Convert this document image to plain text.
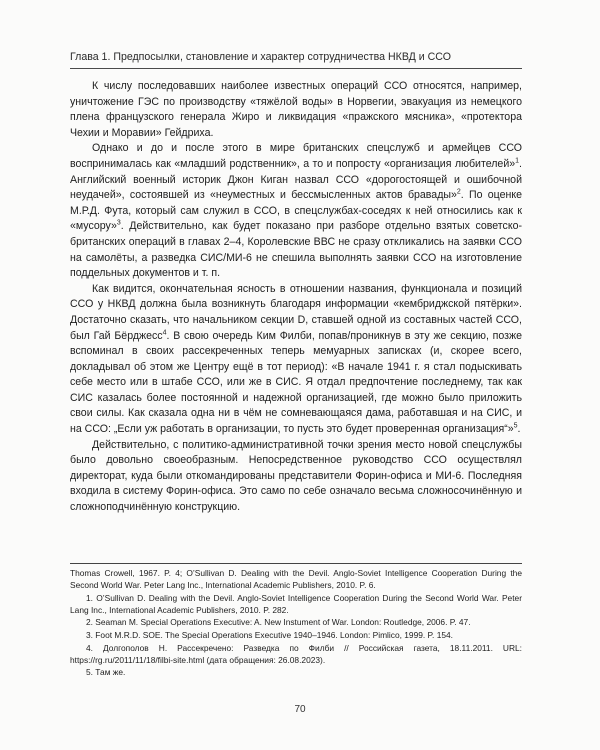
Глава 1. Предпосылки, становление и характер сотрудничества НКВД и ССО

К числу последовавших наиболее известных операций ССО относятся, например, уничтожение ГЭС по производству «тяжёлой воды» в Норвегии, эвакуация из немецкого плена французского генерала Жиро и ликвидация «пражского мясника», «протектора Чехии и Моравии» Гейдриха.

Однако и до и после этого в мире британских спецслужб и армейцев ССО воспринималась как «младший родственник», а то и попросту «организация любителей»$^1$. Английский военный историк Джон Киган назвал ССО «дорогостоящей и ошибочной неудачей», состоявшей из «неуместных и бессмысленных актов бравады»$^2$. По оценке М.Р.Д. Фута, который сам служил в ССО, в спецслужбах-соседях к ней относились как к «мусору»$^3$. Действительно, как будет показано при разборе отдельно взятых советско-британских операций в главах 2–4, Королевские ВВС не сразу откликались на заявки ССО на самолёты, а разведка СИС/МИ-6 не спешила выполнять заявки ССО на изготовление поддельных документов и т. п.

Как видится, окончательная ясность в отношении названия, функционала и позиций ССО у НКВД должна была возникнуть благодаря информации «кембриджской пятёрки». Достаточно сказать, что начальником секции D, ставшей одной из составных частей ССО, был Гай Бёрджесс$^4$. В свою очередь Ким Филби, попав/проникнув в эту же секцию, позже вспоминал в своих рассекреченных теперь мемуарных записках (и, скорее всего, докладывал об этом же Центру ещё в тот период): «В начале 1941 г. я стал подыскивать себе место или в штабе ССО, или же в СИС. Я отдал предпочтение последнему, так как СИС казалась более постоянной и надежной организацией, где можно было приложить свои силы. Как сказала одна ни в чём не сомневающаяся дама, работавшая и на СИС, и на ССО: „Если уж работать в организации, то пусть это будет проверенная организация“»$^5$.

Действительно, с политико-административной точки зрения место новой спецслужбы было довольно своеобразным. Непосредственное руководство ССО осуществлял директорат, куда были откомандированы представители Форин-офиса и МИ-6. Последняя входила в систему Форин-офиса. Это само по себе означало весьма сложносочинённую и сложноподчинённую конструкцию.

Thomas Crowell, 1967. P. 4; O’Sullivan D. Dealing with the Devil. Anglo-Soviet Intelligence Cooperation During the Second World War. Peter Lang Inc., International Academic Publishers, 2010. P. 6.

1. O’Sullivan D. Dealing with the Devil. Anglo-Soviet Intelligence Cooperation During the Second World War. Peter Lang Inc., International Academic Publishers, 2010. P. 282.

2. Seaman M. Special Operations Executive: A. New Instument of War. London: Routledge, 2006. P. 47.

3. Foot M.R.D. SOE. The Special Operations Executive 1940–1946. London: Pimlico, 1999. P. 154.

4. Долгополов Н. Рассекречено: Разведка по Филби // Российская газета, 18.11.2011. URL: https://rg.ru/2011/11/18/filbi-site.html (дата обращения: 26.08.2023).

5. Там же.

70
